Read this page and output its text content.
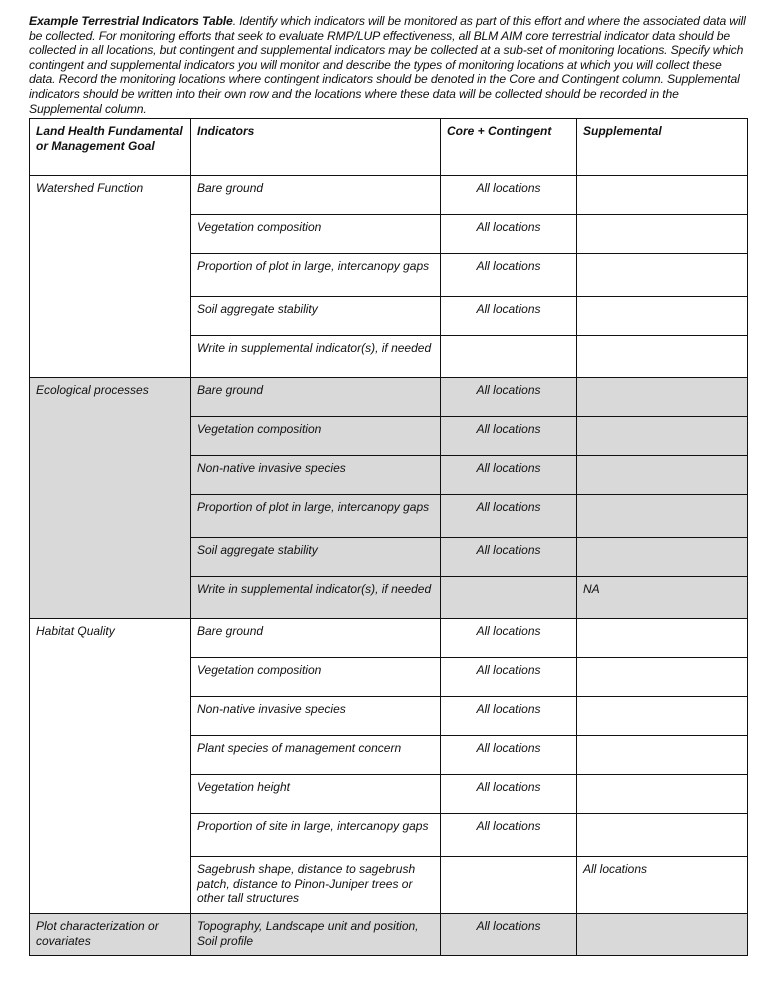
Example Terrestrial Indicators Table. Identify which indicators will be monitored as part of this effort and where the associated data will be collected. For monitoring efforts that seek to evaluate RMP/LUP effectiveness, all BLM AIM core terrestrial indicator data should be collected in all locations, but contingent and supplemental indicators may be collected at a sub-set of monitoring locations. Specify which contingent and supplemental indicators you will monitor and describe the types of monitoring locations at which you will collect these data. Record the monitoring locations where contingent indicators should be denoted in the Core and Contingent column. Supplemental indicators should be written into their own row and the locations where these data will be collected should be recorded in the Supplemental column.
Land Health Fundamental or Management Goal	Indicators	Core + Contingent	Supplemental
Watershed Function	Bare ground	All locations	
	Vegetation composition	All locations	
	Proportion of plot in large, intercanopy gaps	All locations	
	Soil aggregate stability	All locations	
	Write in supplemental indicator(s), if needed		
Ecological processes	Bare ground	All locations	
	Vegetation composition	All locations	
	Non-native invasive species	All locations	
	Proportion of plot in large, intercanopy gaps	All locations	
	Soil aggregate stability	All locations	
	Write in supplemental indicator(s), if needed		NA
Habitat Quality	Bare ground	All locations	
	Vegetation composition	All locations	
	Non-native invasive species	All locations	
	Plant species of management concern	All locations	
	Vegetation height	All locations	
	Proportion of site in large, intercanopy gaps	All locations	
	Sagebrush shape, distance to sagebrush patch, distance to Pinon-Juniper trees or other tall structures		All locations
Plot characterization or covariates	Topography, Landscape unit and position, Soil profile	All locations	
